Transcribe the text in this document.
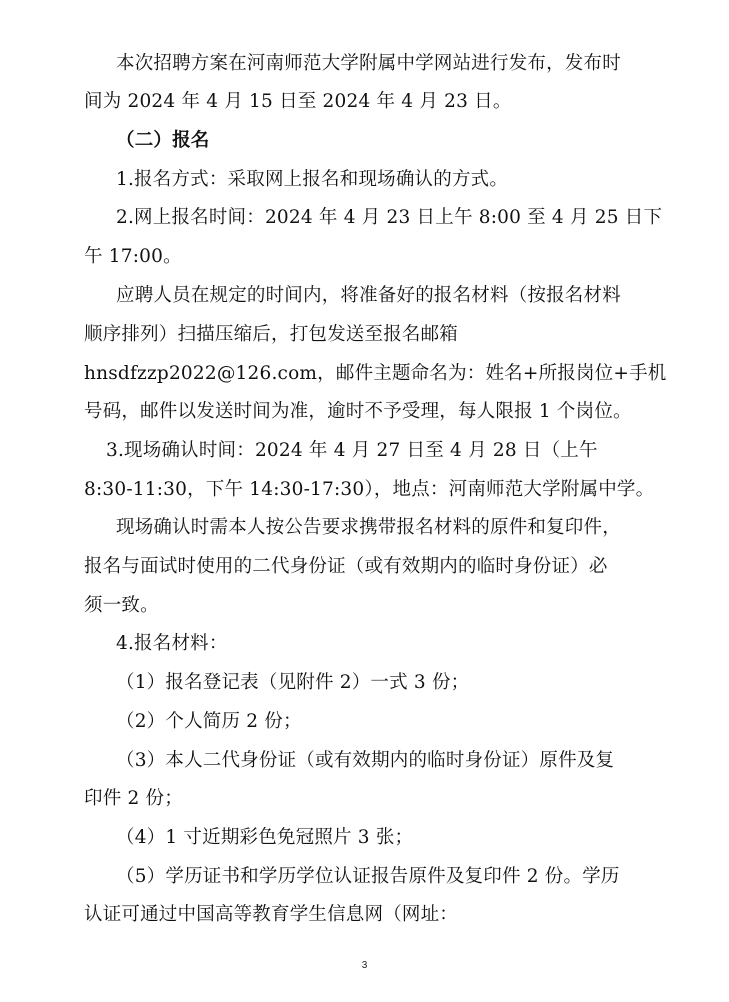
本次招聘方案在河南师范大学附属中学网站进行发布，发布时
间为 2024 年 4 月 15 日至 2024 年 4 月 23 日。
（二）报名
1.报名方式：采取网上报名和现场确认的方式。
2.网上报名时间：2024 年 4 月 23 日上午 8:00 至 4 月 25 日下
午 17:00。
应聘人员在规定的时间内，将准备好的报名材料（按报名材料
顺序排列）扫描压缩后，打包发送至报名邮箱
hnsdfzzp2022@126.com，邮件主题命名为：姓名+所报岗位+手机
号码，邮件以发送时间为准，逾时不予受理，每人限报 1 个岗位。
3.现场确认时间：2024 年 4 月 27 日至 4 月 28 日（上午
8:30-11:30，下午 14:30-17:30），地点：河南师范大学附属中学。
现场确认时需本人按公告要求携带报名材料的原件和复印件，
报名与面试时使用的二代身份证（或有效期内的临时身份证）必
须一致。
4.报名材料：
（1）报名登记表（见附件 2）一式 3 份；
（2）个人简历 2 份；
（3）本人二代身份证（或有效期内的临时身份证）原件及复
印件 2 份；
（4）1 寸近期彩色免冠照片 3 张；
（5）学历证书和学历学位认证报告原件及复印件 2 份。学历
认证可通过中国高等教育学生信息网（网址：
3
